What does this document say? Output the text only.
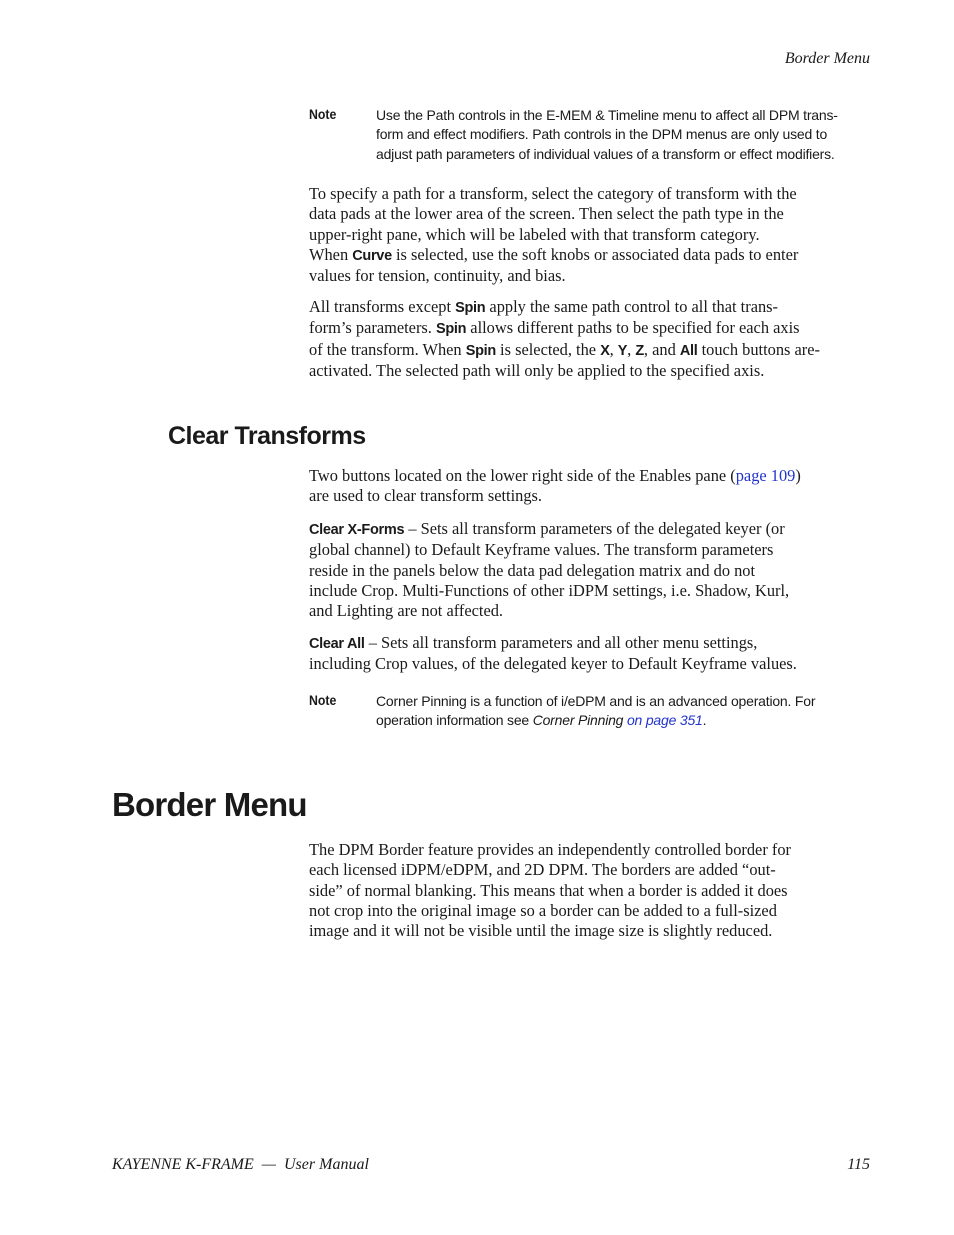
Border Menu
Note	Use the Path controls in the E-MEM & Timeline menu to affect all DPM trans-
form and effect modifiers. Path controls in the DPM menus are only used to
adjust path parameters of individual values of a transform or effect modifiers.
To specify a path for a transform, select the category of transform with the
data pads at the lower area of the screen. Then select the path type in the
upper-right pane, which will be labeled with that transform category.
When Curve is selected, use the soft knobs or associated data pads to enter
values for tension, continuity, and bias.
All transforms except Spin apply the same path control to all that trans-
form’s parameters. Spin allows different paths to be specified for each axis
of the transform. When Spin is selected, the X, Y, Z, and All touch buttons are-
activated. The selected path will only be applied to the specified axis.
Clear Transforms
Two buttons located on the lower right side of the Enables pane (page 109)
are used to clear transform settings.
Clear X-Forms – Sets all transform parameters of the delegated keyer (or
global channel) to Default Keyframe values. The transform parameters
reside in the panels below the data pad delegation matrix and do not
include Crop. Multi-Functions of other iDPM settings, i.e. Shadow, Kurl,
and Lighting are not affected.
Clear All – Sets all transform parameters and all other menu settings,
including Crop values, of the delegated keyer to Default Keyframe values.
Note	Corner Pinning is a function of i/eDPM and is an advanced operation. For
operation information see Corner Pinning on page 351.
Border Menu
The DPM Border feature provides an independently controlled border for
each licensed iDPM/eDPM, and 2D DPM. The borders are added “out-
side” of normal blanking. This means that when a border is added it does
not crop into the original image so a border can be added to a full-sized
image and it will not be visible until the image size is slightly reduced.
KAYENNE K-FRAME  —  User Manual	115
